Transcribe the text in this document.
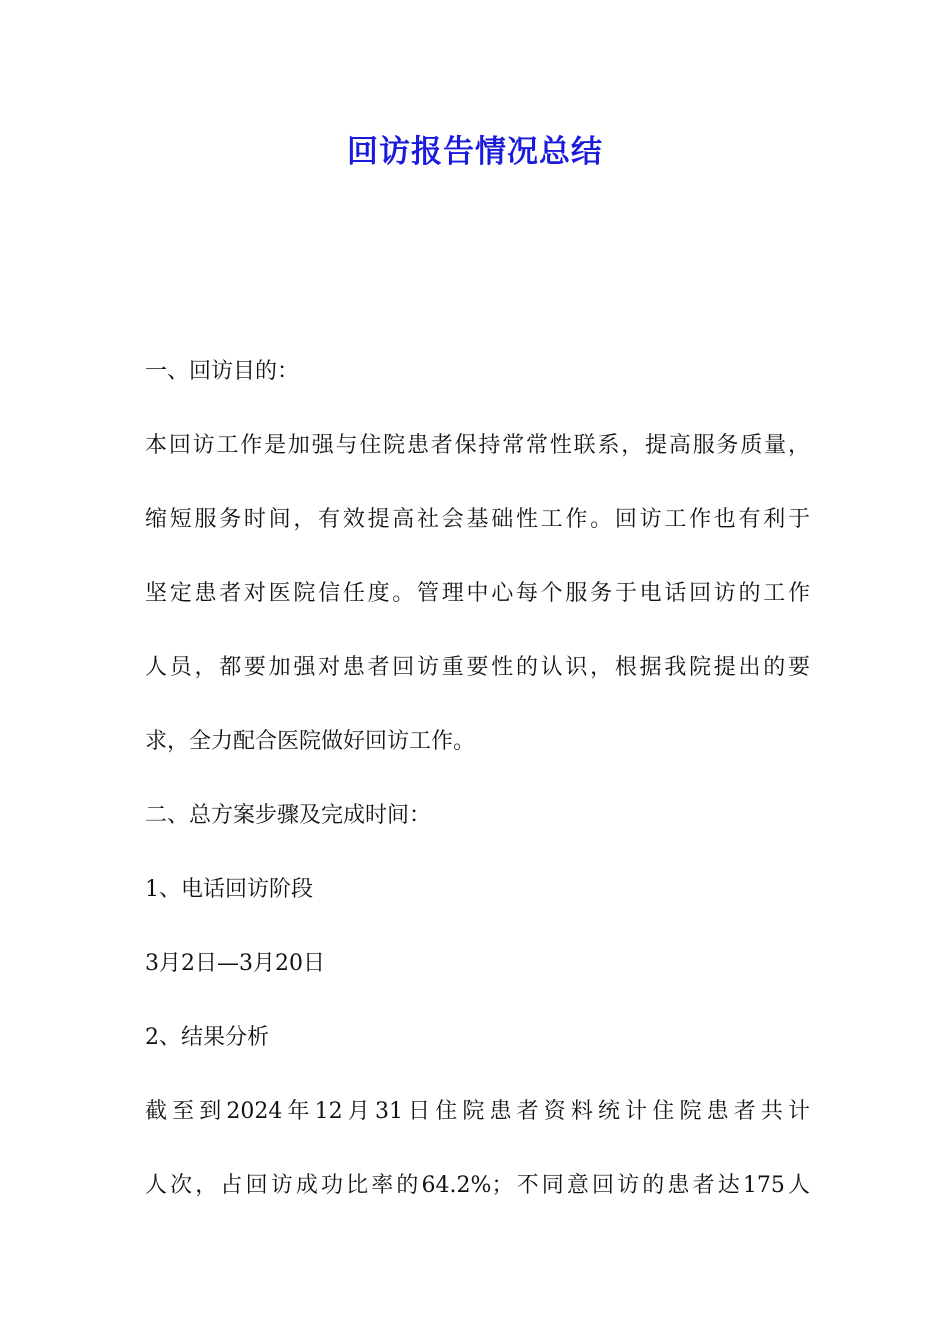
回访报告情况总结

一、回访目的：

本回访工作是加强与住院患者保持常常性联系，提高服务质量，

缩短服务时间，有效提高社会基础性工作。回访工作也有利于

坚定患者对医院信任度。管理中心每个服务于电话回访的工作

人员，都要加强对患者回访重要性的认识，根据我院提出的要

求，全力配合医院做好回访工作。

二、总方案步骤及完成时间：

1、电话回访阶段

3月2日—3月20日

2、结果分析

截至到2024年12月31日住院患者资料统计住院患者共计

人次，占回访成功比率的64.2%；不同意回访的患者达175人
